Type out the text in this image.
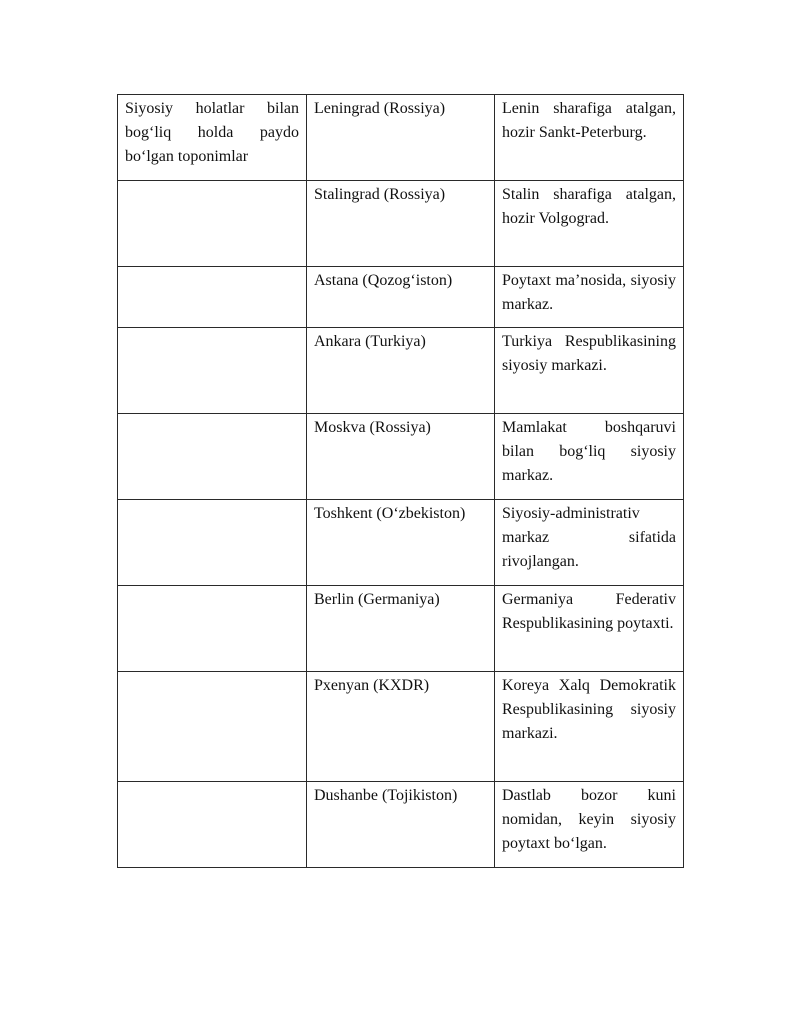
Siyosiy holatlar bilan bog‘liq holda paydo bo‘lgan toponimlar	Leningrad (Rossiya)	Lenin sharafiga atalgan, hozir Sankt-Peterburg.
	Stalingrad (Rossiya)	Stalin sharafiga atalgan, hozir Volgograd.
	Astana (Qozog‘iston)	Poytaxt ma’nosida, siyosiy markaz.
	Ankara (Turkiya)	Turkiya Respublikasining siyosiy markazi.
	Moskva (Rossiya)	Mamlakat boshqaruvi bilan bog‘liq siyosiy markaz.
	Toshkent (O‘zbekiston)	Siyosiy-administrativ markaz sifatida rivojlangan.
	Berlin (Germaniya)	Germaniya Federativ Respublikasining poytaxti.
	Pxenyan (KXDR)	Koreya Xalq Demokratik Respublikasining siyosiy markazi.
	Dushanbe (Tojikiston)	Dastlab bozor kuni nomidan, keyin siyosiy poytaxt bo‘lgan.
